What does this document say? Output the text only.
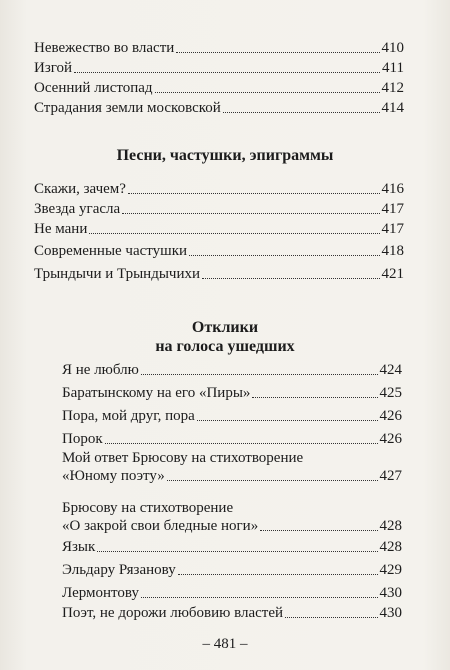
Невежество во власти	410
Изгой	411
Осенний листопад	412
Страдания земли московской	414
Песни, частушки, эпиграммы
Скажи, зачем?	416
Звезда угасла	417
Не мани	417
Современные частушки	418
Трындычи и Трындычихи	421
Отклики
на голоса ушедших
Я не люблю	424
Баратынскому на его «Пиры»	425
Пора, мой друг, пора	426
Порок	426
Мой ответ Брюсову на стихотворение
«Юному поэту»	427
Брюсову на стихотворение
«О закрой свои бледные ноги»	428
Язык	428
Эльдару Рязанову	429
Лермонтову	430
Поэт, не дорожи любовию властей	430
– 481 –
